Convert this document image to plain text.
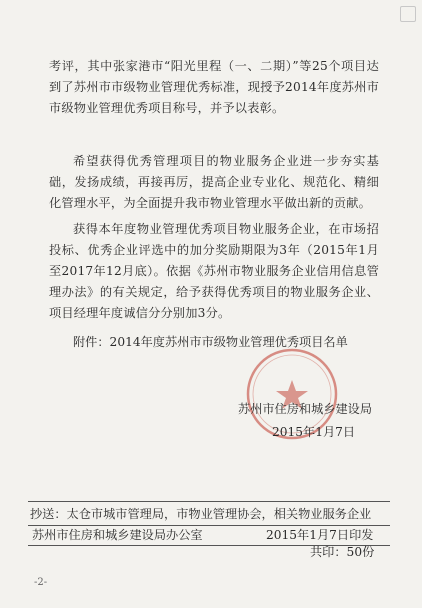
考评，其中张家港市“阳光里程（一、二期）”等25个项目达到了苏州市市级物业管理优秀标准，现授予2014年度苏州市市级物业管理优秀项目称号，并予以表彰。
希望获得优秀管理项目的物业服务企业进一步夯实基础，发扬成绩，再接再厉，提高企业专业化、规范化、精细化管理水平，为全面提升我市物业管理水平做出新的贡献。
获得本年度物业管理优秀项目物业服务企业，在市场招投标、优秀企业评选中的加分奖励期限为3年（2015年1月至2017年12月底）。依据《苏州市物业服务企业信用信息管理办法》的有关规定，给予获得优秀项目的物业服务企业、项目经理年度诚信分分别加3分。
附件：2014年度苏州市市级物业管理优秀项目名单
苏州市住房和城乡建设局
2015年1月7日
抄送：太仓市城市管理局，市物业管理协会，相关物业服务企业
苏州市住房和城乡建设局办公室	2015年1月7日印发
共印：50份
-2-
